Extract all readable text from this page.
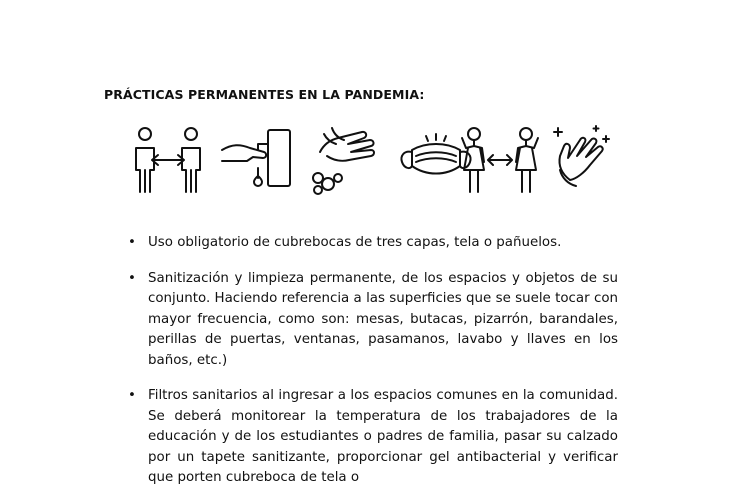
PRÁCTICAS PERMANENTES EN LA PANDEMIA:
• Uso obligatorio de cubrebocas de tres capas, tela o pañuelos.
• Sanitización y limpieza permanente, de los espacios y objetos de su conjunto. Haciendo referencia a las superficies que se suele tocar con mayor frecuencia, como son: mesas, butacas, pizarrón, barandales, perillas de puertas, ventanas, pasamanos, lavabo y llaves en los baños, etc.)
• Filtros sanitarios al ingresar a los espacios comunes en la comunidad. Se deberá monitorear la temperatura de los trabajadores de la educación y de los estudiantes o padres de familia, pasar su calzado por un tapete sanitizante, proporcionar gel antibacterial y verificar que porten cubreboca de tela o
